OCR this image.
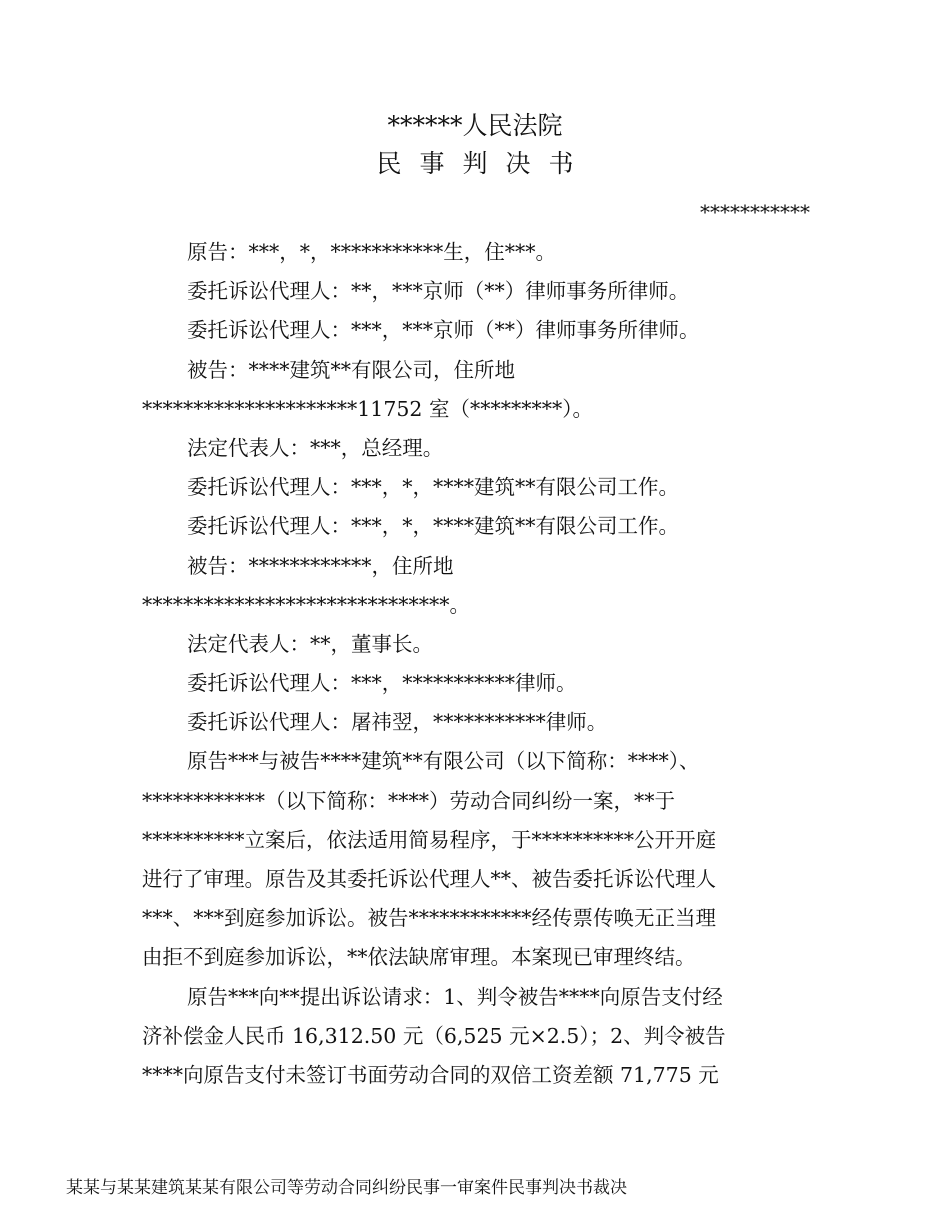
******人民法院
民事判决书
***********
原告：***，*，***********生，住***。
委托诉讼代理人：**，***京师（**）律师事务所律师。
委托诉讼代理人：***，***京师（**）律师事务所律师。
被告：****建筑**有限公司，住所地
*********************11752 室（*********）。
法定代表人：***，总经理。
委托诉讼代理人：***，*，****建筑**有限公司工作。
委托诉讼代理人：***，*，****建筑**有限公司工作。
被告：************，住所地
******************************。
法定代表人：**，董事长。
委托诉讼代理人：***，***********律师。
委托诉讼代理人：屠祎翌，***********律师。
原告***与被告****建筑**有限公司（以下简称：****）、
************（以下简称：****）劳动合同纠纷一案，**于
**********立案后，依法适用简易程序，于**********公开开庭
进行了审理。原告及其委托诉讼代理人**、被告委托诉讼代理人
***、***到庭参加诉讼。被告************经传票传唤无正当理
由拒不到庭参加诉讼，**依法缺席审理。本案现已审理终结。
原告***向**提出诉讼请求：1、判令被告****向原告支付经
济补偿金人民币 16,312.50 元（6,525 元×2.5）；2、判令被告
****向原告支付未签订书面劳动合同的双倍工资差额 71,775 元
某某与某某建筑某某有限公司等劳动合同纠纷民事一审案件民事判决书裁决
